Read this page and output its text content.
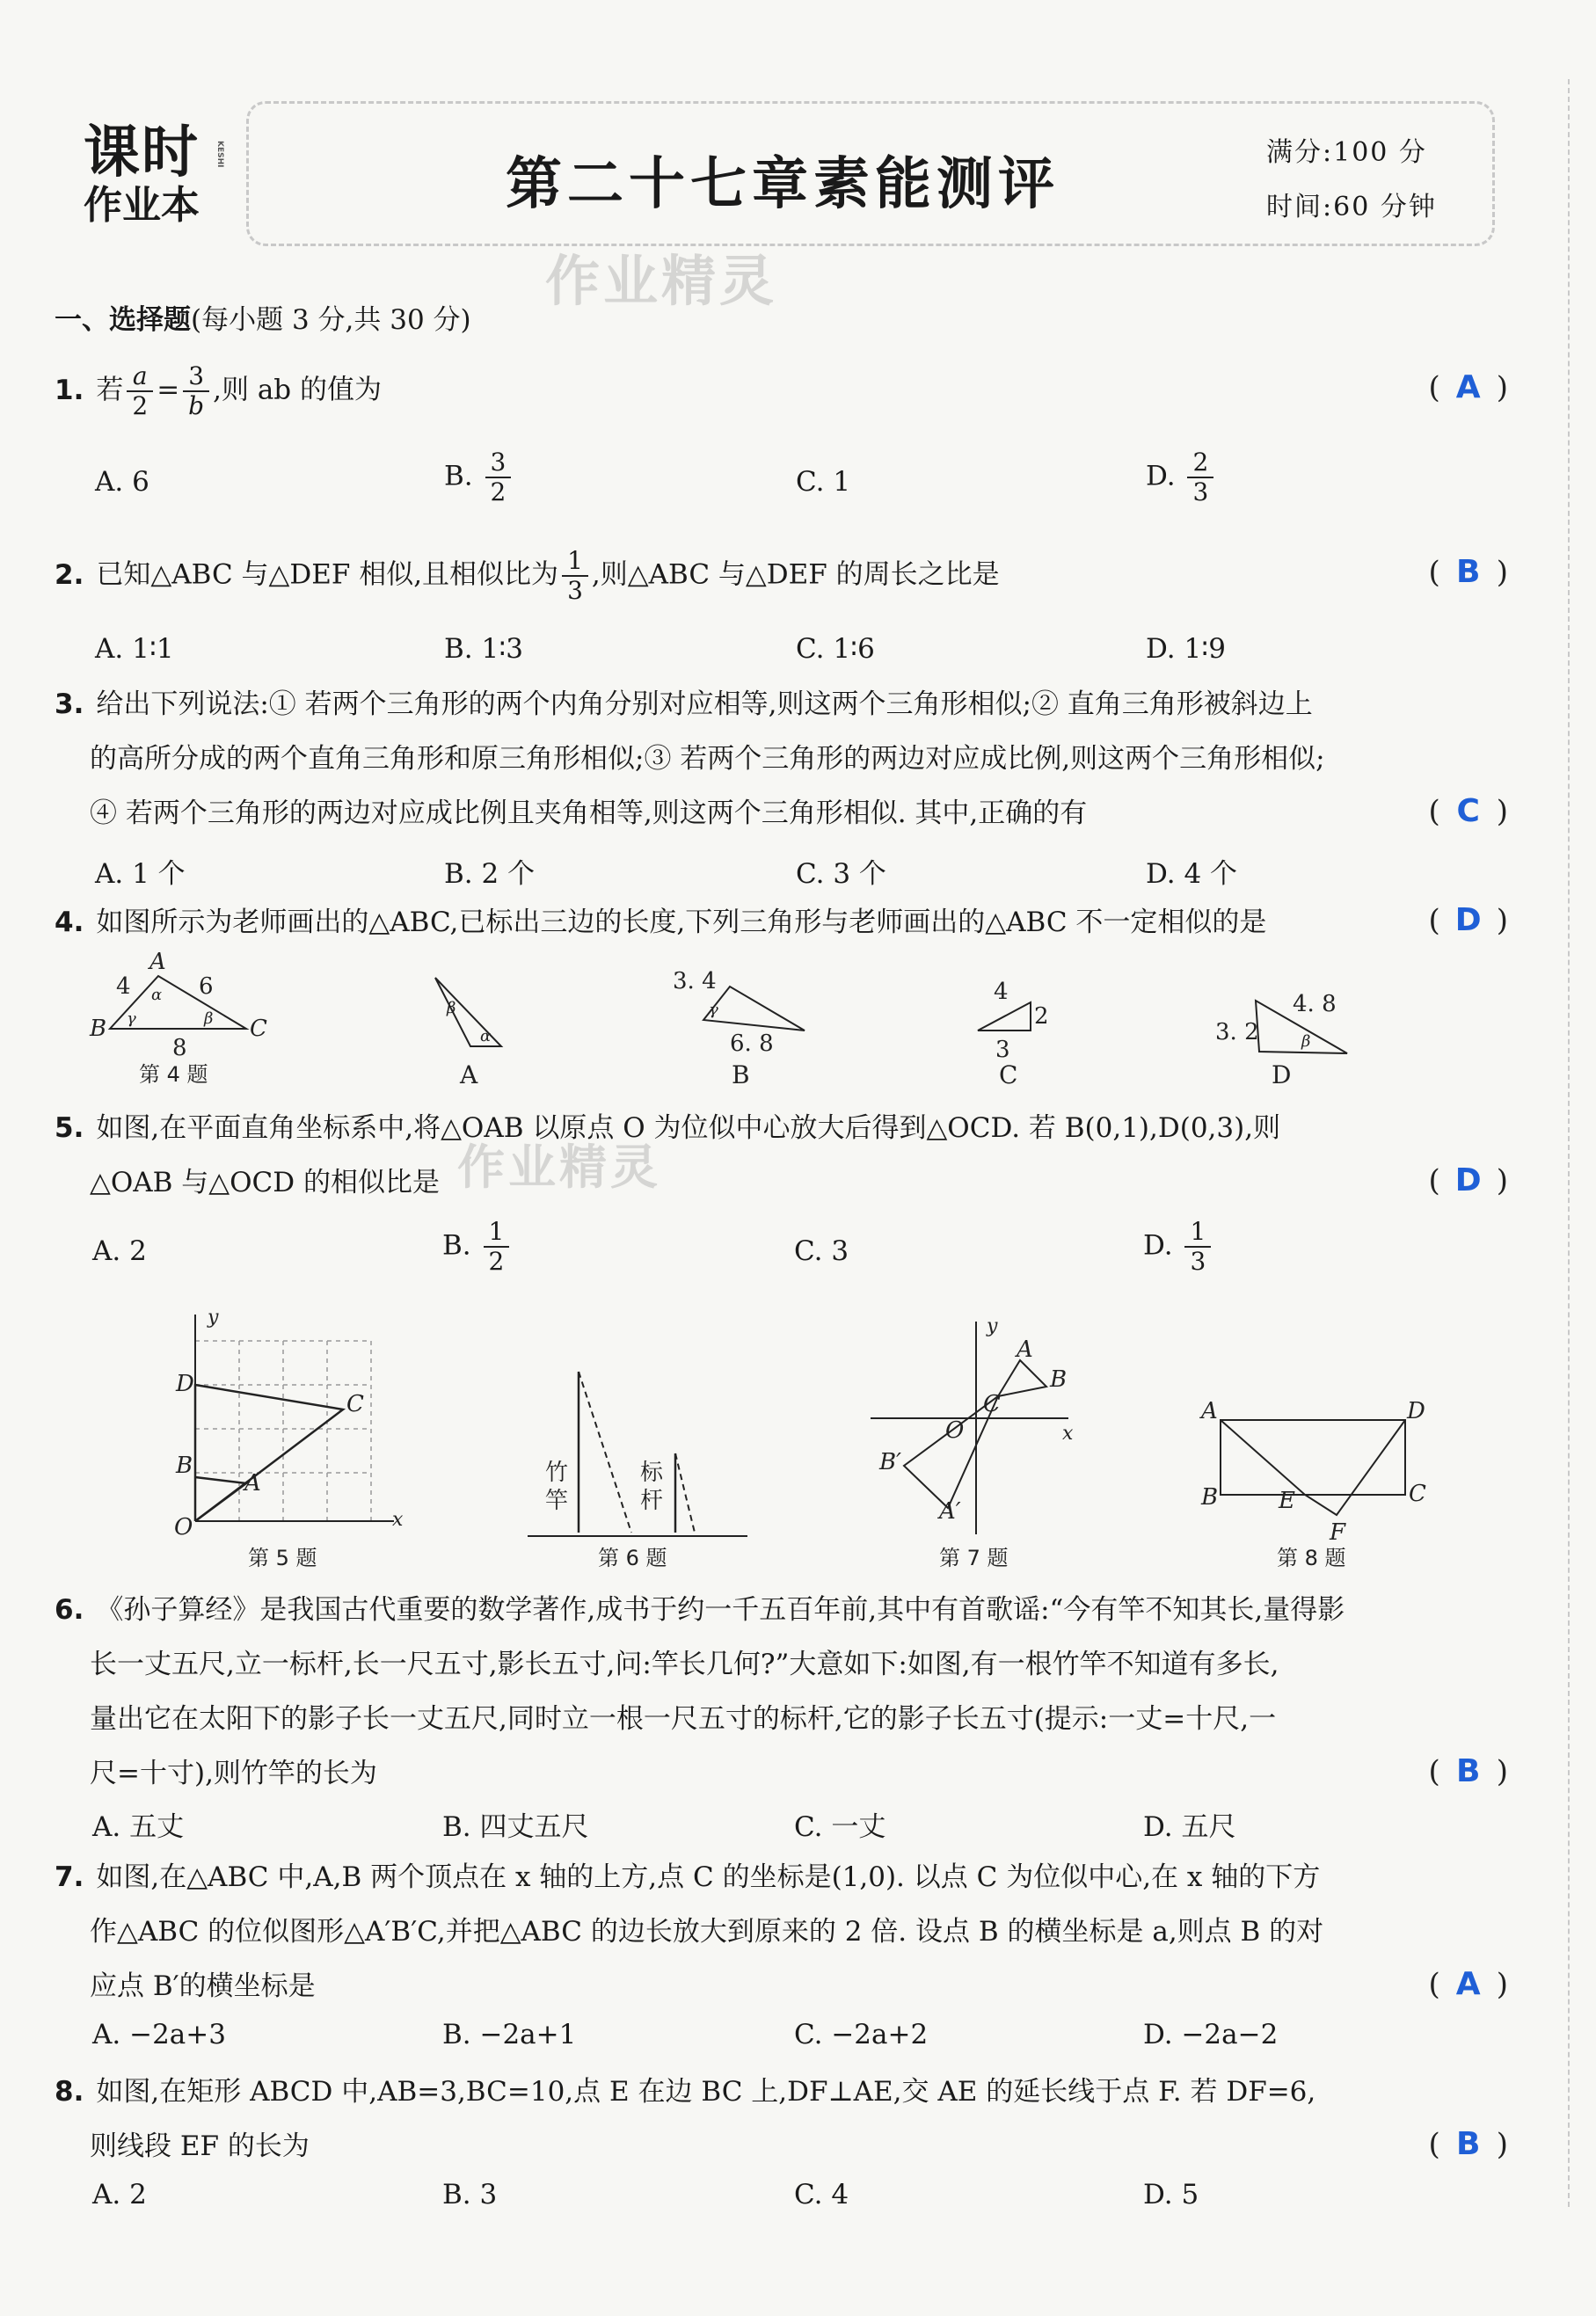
课时
作业本
KESHI	第二十七章素能测评	满分:100 分
时间:60 分钟
作业精灵
作业精灵
一、选择题(每小题 3 分,共 30 分)
1. 若 $\frac{a}{2} = \frac{3}{b}$ ,则 ab 的值为	( A )
A. 6	B. $\frac{3}{2}$	C. 1	D. $\frac{2}{3}$
2. 已知△ABC 与△DEF 相似,且相似比为 $\frac{1}{3}$ ,则△ABC 与△DEF 的周长之比是	( B )
A. 1∶1	B. 1∶3	C. 1∶6	D. 1∶9
3. 给出下列说法:① 若两个三角形的两个内角分别对应相等,则这两个三角形相似;② 直角三角形被斜边上
的高所分成的两个直角三角形和原三角形相似;③ 若两个三角形的两边对应成比例,则这两个三角形相似;
④ 若两个三角形的两边对应成比例且夹角相等,则这两个三角形相似. 其中,正确的有	( C )
A. 1 个	B. 2 个	C. 3 个	D. 4 个
4. 如图所示为老师画出的△ABC,已标出三边的长度,下列三角形与老师画出的△ABC 不一定相似的是	( D )
A
B	C
4	6
8
α
β
γ
第 4 题
β
α
A
3. 4
6. 8
γ
B
4
2
3
C
4. 8
3. 2	β
D
5. 如图,在平面直角坐标系中,将△OAB 以原点 O 为位似中心放大后得到△OCD. 若 B(0,1),D(0,3),则
△OAB 与△OCD 的相似比是	( D )
A. 2	B. $\frac{1}{2}$	C. 3	D. $\frac{1}{3}$
y
x
O
D
C
B
A
第 5 题
竹
竿
标
杆
第 6 题
y
x
O
A
B
C
B′
A′
第 7 题
A	D
B	C
E
F
第 8 题
6. 《孙子算经》是我国古代重要的数学著作,成书于约一千五百年前,其中有首歌谣:“今有竿不知其长,量得影
长一丈五尺,立一标杆,长一尺五寸,影长五寸,问:竿长几何?”大意如下:如图,有一根竹竿不知道有多长,
量出它在太阳下的影子长一丈五尺,同时立一根一尺五寸的标杆,它的影子长五寸(提示:一丈=十尺,一
尺=十寸),则竹竿的长为	( B )
A. 五丈	B. 四丈五尺	C. 一丈	D. 五尺
7. 如图,在△ABC 中,A,B 两个顶点在 x 轴的上方,点 C 的坐标是(1,0). 以点 C 为位似中心,在 x 轴的下方
作△ABC 的位似图形△A′B′C,并把△ABC 的边长放大到原来的 2 倍. 设点 B 的横坐标是 a,则点 B 的对
应点 B′的横坐标是	( A )
A. −2a+3	B. −2a+1	C. −2a+2	D. −2a−2
8. 如图,在矩形 ABCD 中,AB=3,BC=10,点 E 在边 BC 上,DF⊥AE,交 AE 的延长线于点 F. 若 DF=6,
则线段 EF 的长为	( B )
A. 2	B. 3	C. 4	D. 5
